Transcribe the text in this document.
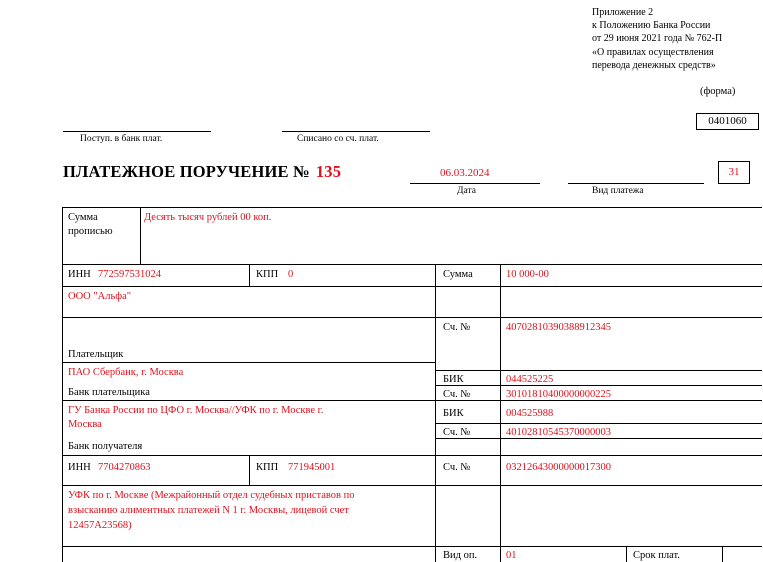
Приложение 2
к Положению Банка России
от 29 июня 2021 года № 762-П
«О правилах осуществления
перевода денежных средств»
(форма)
0401060
Поступ. в банк плат.	Списано со сч. плат.
ПЛАТЕЖНОЕ ПОРУЧЕНИЕ № 135	06.03.2024
Дата	Вид платежа
31
Сумма
прописью
Десять тысяч рублей 00 коп.
ИНН 772597531024	КПП 0	Сумма	10 000-00
ООО "Альфа"
Сч. №	40702810390388912345
Плательщик
ПАО Сбербанк, г. Москва
БИК	044525225
Сч. №	30101810400000000225
Банк плательщика
ГУ Банка России по ЦФО г. Москва//УФК по г. Москве г.
Москва
БИК	004525988
Сч. №	40102810545370000003
Банк получателя
ИНН 7704270863	КПП 771945001	Сч. №	03212643000000017300
УФК по г. Москве (Межрайонный отдел судебных приставов по
взысканию алиментных платежей N 1 г. Москвы, лицевой счет
12457А23568)
Вид оп.	01	Срок плат.
